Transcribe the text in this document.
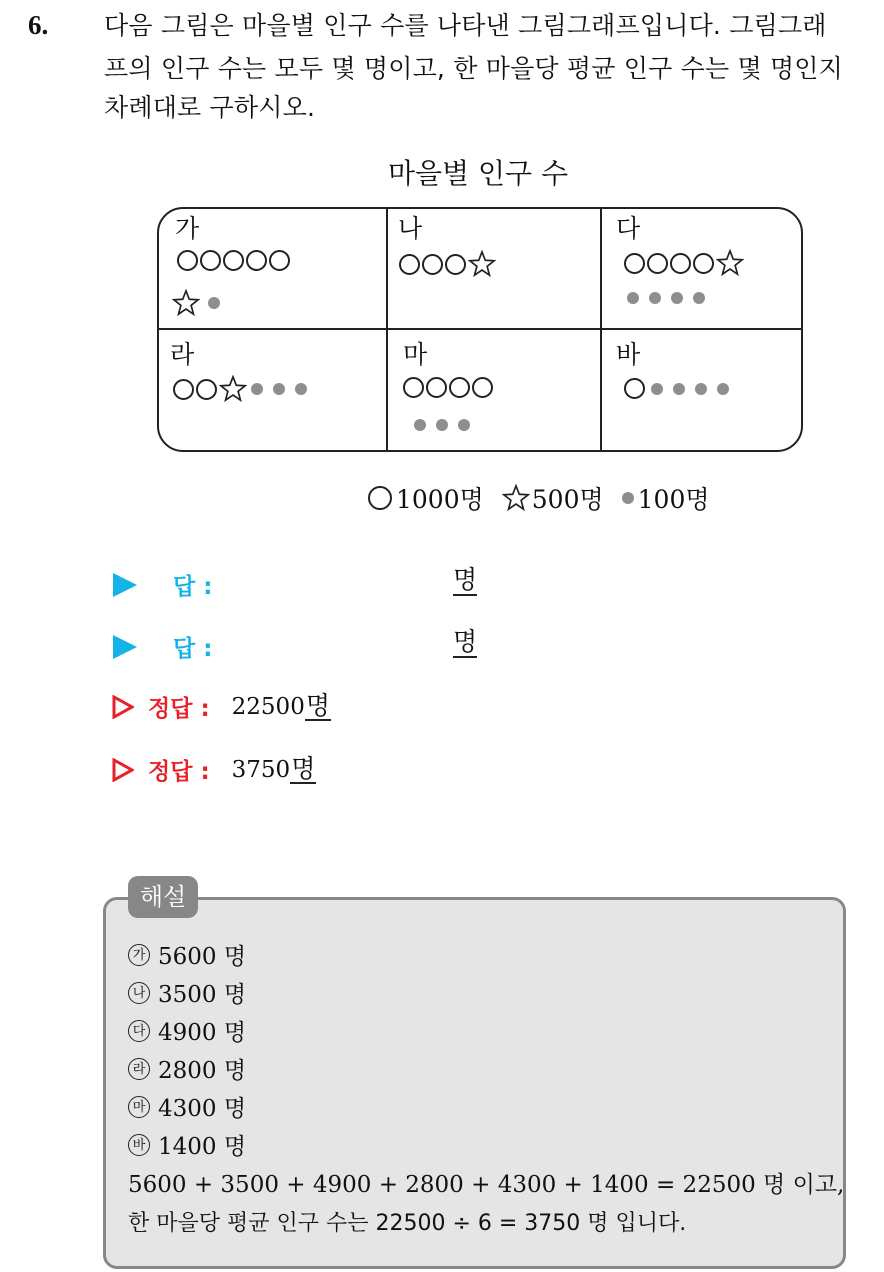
6. 다음 그림은 마을별 인구 수를 나타낸 그림그래프입니다. 그림그래
프의 인구 수는 모두 몇 명이고, 한 마을당 평균 인구 수는 몇 명인지
차례대로 구하시오.
마을별 인구 수
가	나	다
라	마	바
1000명 500명 100명
답 :	명
답 :	명
정답 : 22500 명
정답 : 3750 명
해설
가 5600 명
나 3500 명
다 4900 명
라 2800 명
마 4300 명
바 1400 명
5600 + 3500 + 4900 + 2800 + 4300 + 1400 = 22500 명 이고,
한 마을당 평균 인구 수는 22500 ÷ 6 = 3750 명 입니다.
